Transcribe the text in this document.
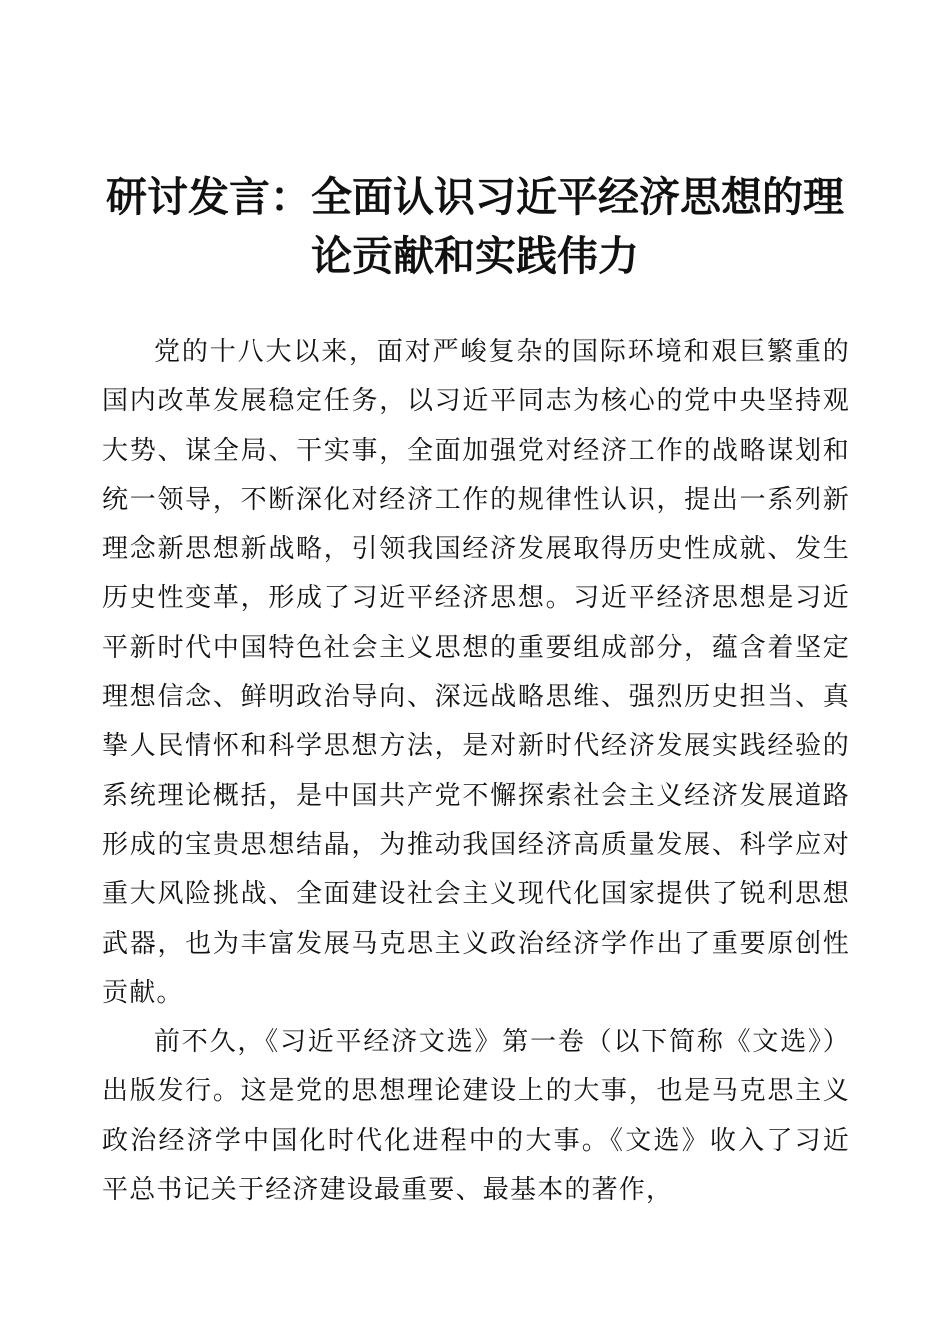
研讨发言：全面认识习近平经济思想的理论贡献和实践伟力

党的十八大以来，面对严峻复杂的国际环境和艰巨繁重的国内改革发展稳定任务，以习近平同志为核心的党中央坚持观大势、谋全局、干实事，全面加强党对经济工作的战略谋划和统一领导，不断深化对经济工作的规律性认识，提出一系列新理念新思想新战略，引领我国经济发展取得历史性成就、发生历史性变革，形成了习近平经济思想。习近平经济思想是习近平新时代中国特色社会主义思想的重要组成部分，蕴含着坚定理想信念、鲜明政治导向、深远战略思维、强烈历史担当、真挚人民情怀和科学思想方法，是对新时代经济发展实践经验的系统理论概括，是中国共产党不懈探索社会主义经济发展道路形成的宝贵思想结晶，为推动我国经济高质量发展、科学应对重大风险挑战、全面建设社会主义现代化国家提供了锐利思想武器，也为丰富发展马克思主义政治经济学作出了重要原创性贡献。

前不久，《习近平经济文选》第一卷（以下简称《文选》）出版发行。这是党的思想理论建设上的大事，也是马克思主义政治经济学中国化时代化进程中的大事。《文选》收入了习近平总书记关于经济建设最重要、最基本的著作，
